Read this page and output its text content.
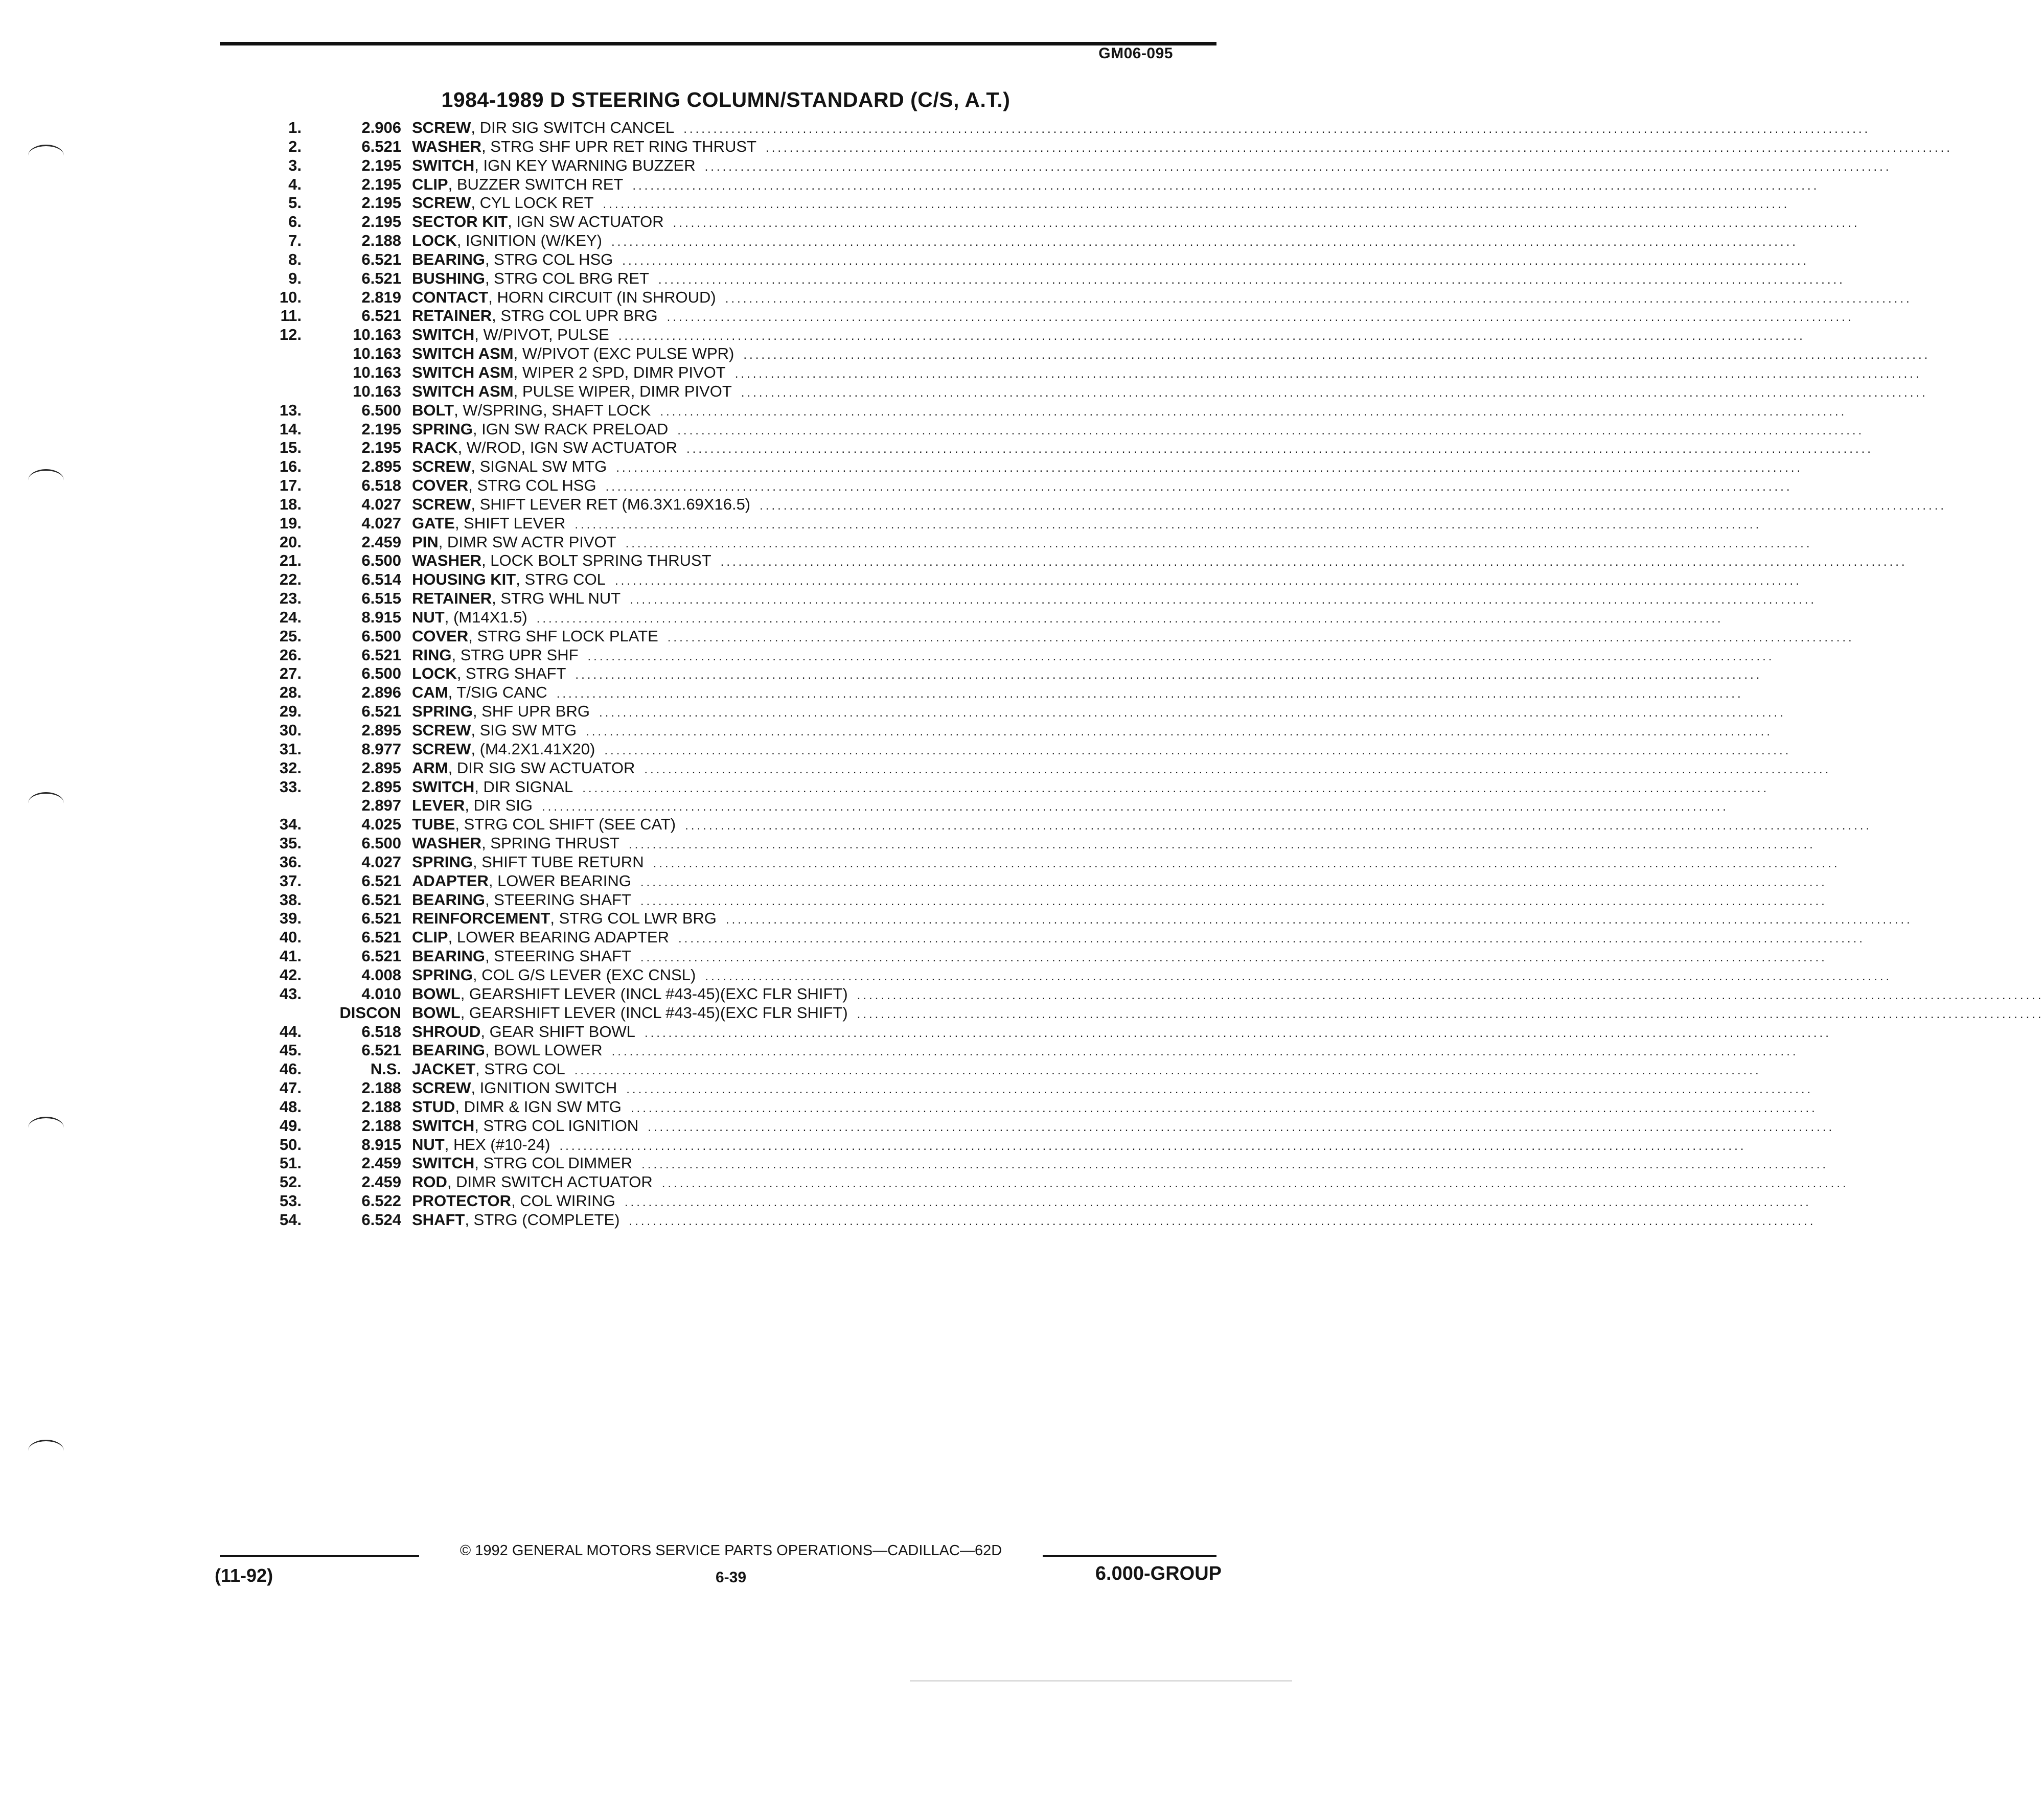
GM06-095
1984-1989 D STEERING COLUMN/STANDARD (C/S, A.T.)
1.	2.906 SCREW , DIR SIG SWITCH CANCEL .......................................................................................................................................................................................................
2.	6.521 WASHER , STRG SHF UPR RET RING THRUST .......................................................................................................................................................................................................
3.	2.195 SWITCH , IGN KEY WARNING BUZZER .......................................................................................................................................................................................................
4.	2.195 CLIP , BUZZER SWITCH RET .......................................................................................................................................................................................................
5.	2.195 SCREW , CYL LOCK RET .......................................................................................................................................................................................................
6.	2.195 SECTOR KIT , IGN SW ACTUATOR .......................................................................................................................................................................................................
7.	2.188 LOCK , IGNITION (W/KEY) .......................................................................................................................................................................................................
8.	6.521 BEARING , STRG COL HSG .......................................................................................................................................................................................................
9.	6.521 BUSHING , STRG COL BRG RET .......................................................................................................................................................................................................
10.	2.819 CONTACT , HORN CIRCUIT (IN SHROUD) .......................................................................................................................................................................................................
11.	6.521 RETAINER , STRG COL UPR BRG .......................................................................................................................................................................................................
12.	10.163 SWITCH , W/PIVOT, PULSE .......................................................................................................................................................................................................
10.163 SWITCH ASM , W/PIVOT (EXC PULSE WPR) .......................................................................................................................................................................................................
10.163 SWITCH ASM , WIPER 2 SPD, DIMR PIVOT .......................................................................................................................................................................................................
10.163 SWITCH ASM , PULSE WIPER, DIMR PIVOT .......................................................................................................................................................................................................
13.	6.500 BOLT , W/SPRING, SHAFT LOCK .......................................................................................................................................................................................................
14.	2.195 SPRING , IGN SW RACK PRELOAD .......................................................................................................................................................................................................
15.	2.195 RACK , W/ROD, IGN SW ACTUATOR .......................................................................................................................................................................................................
16.	2.895 SCREW , SIGNAL SW MTG .......................................................................................................................................................................................................
17.	6.518 COVER , STRG COL HSG .......................................................................................................................................................................................................
18.	4.027 SCREW , SHIFT LEVER RET (M6.3X1.69X16.5) .......................................................................................................................................................................................................
19.	4.027 GATE , SHIFT LEVER .......................................................................................................................................................................................................
20.	2.459 PIN , DIMR SW ACTR PIVOT .......................................................................................................................................................................................................
21.	6.500 WASHER , LOCK BOLT SPRING THRUST .......................................................................................................................................................................................................
22.	6.514 HOUSING KIT , STRG COL .......................................................................................................................................................................................................
23.	6.515 RETAINER , STRG WHL NUT .......................................................................................................................................................................................................
24.	8.915 NUT , (M14X1.5) .......................................................................................................................................................................................................
25.	6.500 COVER , STRG SHF LOCK PLATE .......................................................................................................................................................................................................
26.	6.521 RING , STRG UPR SHF .......................................................................................................................................................................................................
27.	6.500 LOCK , STRG SHAFT .......................................................................................................................................................................................................
28.	2.896 CAM , T/SIG CANC .......................................................................................................................................................................................................
29.	6.521 SPRING , SHF UPR BRG .......................................................................................................................................................................................................
30.	2.895 SCREW , SIG SW MTG .......................................................................................................................................................................................................
31.	8.977 SCREW , (M4.2X1.41X20) .......................................................................................................................................................................................................
32.	2.895 ARM , DIR SIG SW ACTUATOR .......................................................................................................................................................................................................
33.	2.895 SWITCH , DIR SIGNAL .......................................................................................................................................................................................................
2.897 LEVER , DIR SIG .......................................................................................................................................................................................................
34.	4.025 TUBE , STRG COL SHIFT (SEE CAT) .......................................................................................................................................................................................................
35.	6.500 WASHER , SPRING THRUST .......................................................................................................................................................................................................
36.	4.027 SPRING , SHIFT TUBE RETURN .......................................................................................................................................................................................................
37.	6.521 ADAPTER , LOWER BEARING .......................................................................................................................................................................................................
38.	6.521 BEARING , STEERING SHAFT .......................................................................................................................................................................................................
39.	6.521 REINFORCEMENT , STRG COL LWR BRG .......................................................................................................................................................................................................
40.	6.521 CLIP , LOWER BEARING ADAPTER .......................................................................................................................................................................................................
41.	6.521 BEARING , STEERING SHAFT .......................................................................................................................................................................................................
42.	4.008 SPRING , COL G/S LEVER (EXC CNSL) .......................................................................................................................................................................................................
43.	4.010 BOWL , GEARSHIFT LEVER (INCL #43-45)(EXC FLR SHIFT) .......................................................................................................................................................................................................
DISCON BOWL , GEARSHIFT LEVER (INCL #43-45)(EXC FLR SHIFT) .......................................................................................................................................................................................................
44.	6.518 SHROUD , GEAR SHIFT BOWL .......................................................................................................................................................................................................
45.	6.521 BEARING , BOWL LOWER .......................................................................................................................................................................................................
46.	N.S. JACKET , STRG COL .......................................................................................................................................................................................................
47.	2.188 SCREW , IGNITION SWITCH .......................................................................................................................................................................................................
48.	2.188 STUD , DIMR & IGN SW MTG .......................................................................................................................................................................................................
49.	2.188 SWITCH , STRG COL IGNITION .......................................................................................................................................................................................................
50.	8.915 NUT , HEX (#10-24) .......................................................................................................................................................................................................
51.	2.459 SWITCH , STRG COL DIMMER .......................................................................................................................................................................................................
52.	2.459 ROD , DIMR SWITCH ACTUATOR .......................................................................................................................................................................................................
53.	6.522 PROTECTOR , COL WIRING .......................................................................................................................................................................................................
54.	6.524 SHAFT , STRG (COMPLETE) .......................................................................................................................................................................................................
© 1992 GENERAL MOTORS SERVICE PARTS OPERATIONS—CADILLAC—62D
(11-92)	6-39	6.000-GROUP
